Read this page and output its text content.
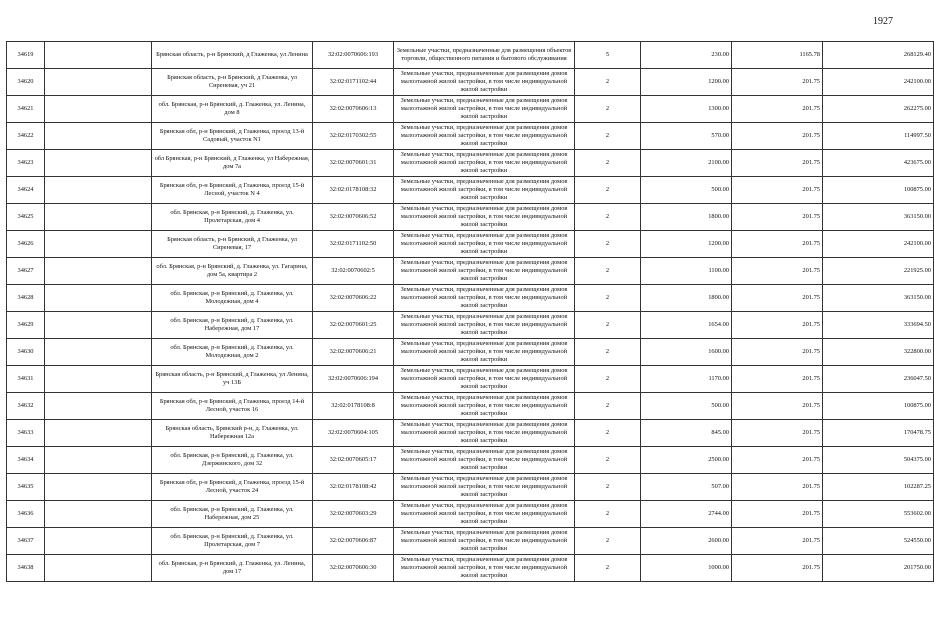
1927
34619		Брянская область, р-н Брянский, д Глаженка, ул Ленина	32:02:0070606:193	Земельные участки, предназначенные для размещения объектов торговли, общественного питания и бытового обслуживания	5	230.00	1165.78	268129.40
34620		Брянская область, р-н Брянский, д Глаженка, ул Сиреневая, уч 21	32:02:0171102:44	Земельные участки, предназначенные для размещения домов малоэтажной жилой застройки, в том числе индивидуальной жилой застройки	2	1200.00	201.75	242100.00
34621		обл. Брянская, р-н Брянский, д. Глаженка, ул. Ленина, дом 8	32:02:0070606:13	Земельные участки, предназначенные для размещения домов малоэтажной жилой застройки, в том числе индивидуальной жилой застройки	2	1300.00	201.75	262275.00
34622		Брянская обл, р-н Брянский, д Глаженка, проезд 13-й Садовый, участок N1	32:02:0170302:55	Земельные участки, предназначенные для размещения домов малоэтажной жилой застройки, в том числе индивидуальной жилой застройки	2	570.00	201.75	114997.50
34623		обл Брянская, р-н Брянский, д Глаженка, ул Набережная, дом 7а	32:02:0070601:31	Земельные участки, предназначенные для размещения домов малоэтажной жилой застройки, в том числе индивидуальной жилой застройки	2	2100.00	201.75	423675.00
34624		Брянская обл, р-н Брянский, д Глаженка, проезд 15-й Лесной, участок N 4	32:02:0178108:32	Земельные участки, предназначенные для размещения домов малоэтажной жилой застройки, в том числе индивидуальной жилой застройки	2	500.00	201.75	100875.00
34625		обл. Брянская, р-н Брянский, д. Глаженка, ул. Пролетарская, дом 4	32:02:0070606:52	Земельные участки, предназначенные для размещения домов малоэтажной жилой застройки, в том числе индивидуальной жилой застройки	2	1800.00	201.75	363150.00
34626		Брянская область, р-н Брянский, д Глаженка, ул Сиреневая, 17	32:02:0171102:50	Земельные участки, предназначенные для размещения домов малоэтажной жилой застройки, в том числе индивидуальной жилой застройки	2	1200.00	201.75	242100.00
34627		обл. Брянская, р-н Брянский, д. Глаженка, ул. Гагарина, дом 5а, квартира 2	32:02:0070602:5	Земельные участки, предназначенные для размещения домов малоэтажной жилой застройки, в том числе индивидуальной жилой застройки	2	1100.00	201.75	221925.00
34628		обл. Брянская, р-н Брянский, д. Глаженка, ул. Молодежная, дом 4	32:02:0070606:22	Земельные участки, предназначенные для размещения домов малоэтажной жилой застройки, в том числе индивидуальной жилой застройки	2	1800.00	201.75	363150.00
34629		обл. Брянская, р-н Брянский, д. Глаженка, ул. Набережная, дом 17	32:02:0070601:25	Земельные участки, предназначенные для размещения домов малоэтажной жилой застройки, в том числе индивидуальной жилой застройки	2	1654.00	201.75	333694.50
34630		обл. Брянская, р-н Брянский, д. Глаженка, ул. Молодежная, дом 2	32:02:0070606:21	Земельные участки, предназначенные для размещения домов малоэтажной жилой застройки, в том числе индивидуальной жилой застройки	2	1600.00	201.75	322800.00
34631		Брянская область, р-н Брянский, д Глаженка, ул Ленина, уч 13Б	32:02:0070606:194	Земельные участки, предназначенные для размещения домов малоэтажной жилой застройки, в том числе индивидуальной жилой застройки	2	1170.00	201.75	236047.50
34632		Брянская обл, р-н Брянский, д Глаженка, проезд 14-й Лесной, участок 16	32:02:0178108:8	Земельные участки, предназначенные для размещения домов малоэтажной жилой застройки, в том числе индивидуальной жилой застройки	2	500.00	201.75	100875.00
34633		Брянская область, Брянский р-н, д. Глаженка, ул. Набережная 12а	32:02:0070604:105	Земельные участки, предназначенные для размещения домов малоэтажной жилой застройки, в том числе индивидуальной жилой застройки	2	845.00	201.75	170478.75
34634		обл. Брянская, р-н Брянский, д. Глаженка, ул. Дзержинского, дом 32	32:02:0070605:17	Земельные участки, предназначенные для размещения домов малоэтажной жилой застройки, в том числе индивидуальной жилой застройки	2	2500.00	201.75	504375.00
34635		Брянская обл, р-н Брянский, д Глаженка, проезд 15-й Лесной, участок 24	32:02:0178108:42	Земельные участки, предназначенные для размещения домов малоэтажной жилой застройки, в том числе индивидуальной жилой застройки	2	507.00	201.75	102287.25
34636		обл. Брянская, р-н Брянский, д. Глаженка, ул. Набережная, дом 25	32:02:0070603:29	Земельные участки, предназначенные для размещения домов малоэтажной жилой застройки, в том числе индивидуальной жилой застройки	2	2744.00	201.75	553602.00
34637		обл. Брянская, р-н Брянский, д. Глаженка, ул. Пролетарская, дом 7	32:02:0070606:87	Земельные участки, предназначенные для размещения домов малоэтажной жилой застройки, в том числе индивидуальной жилой застройки	2	2600.00	201.75	524550.00
34638		обл. Брянская, р-н Брянский, д. Глаженка, ул. Ленина, дом 17	32:02:0070606:30	Земельные участки, предназначенные для размещения домов малоэтажной жилой застройки, в том числе индивидуальной жилой застройки	2	1000.00	201.75	201750.00
